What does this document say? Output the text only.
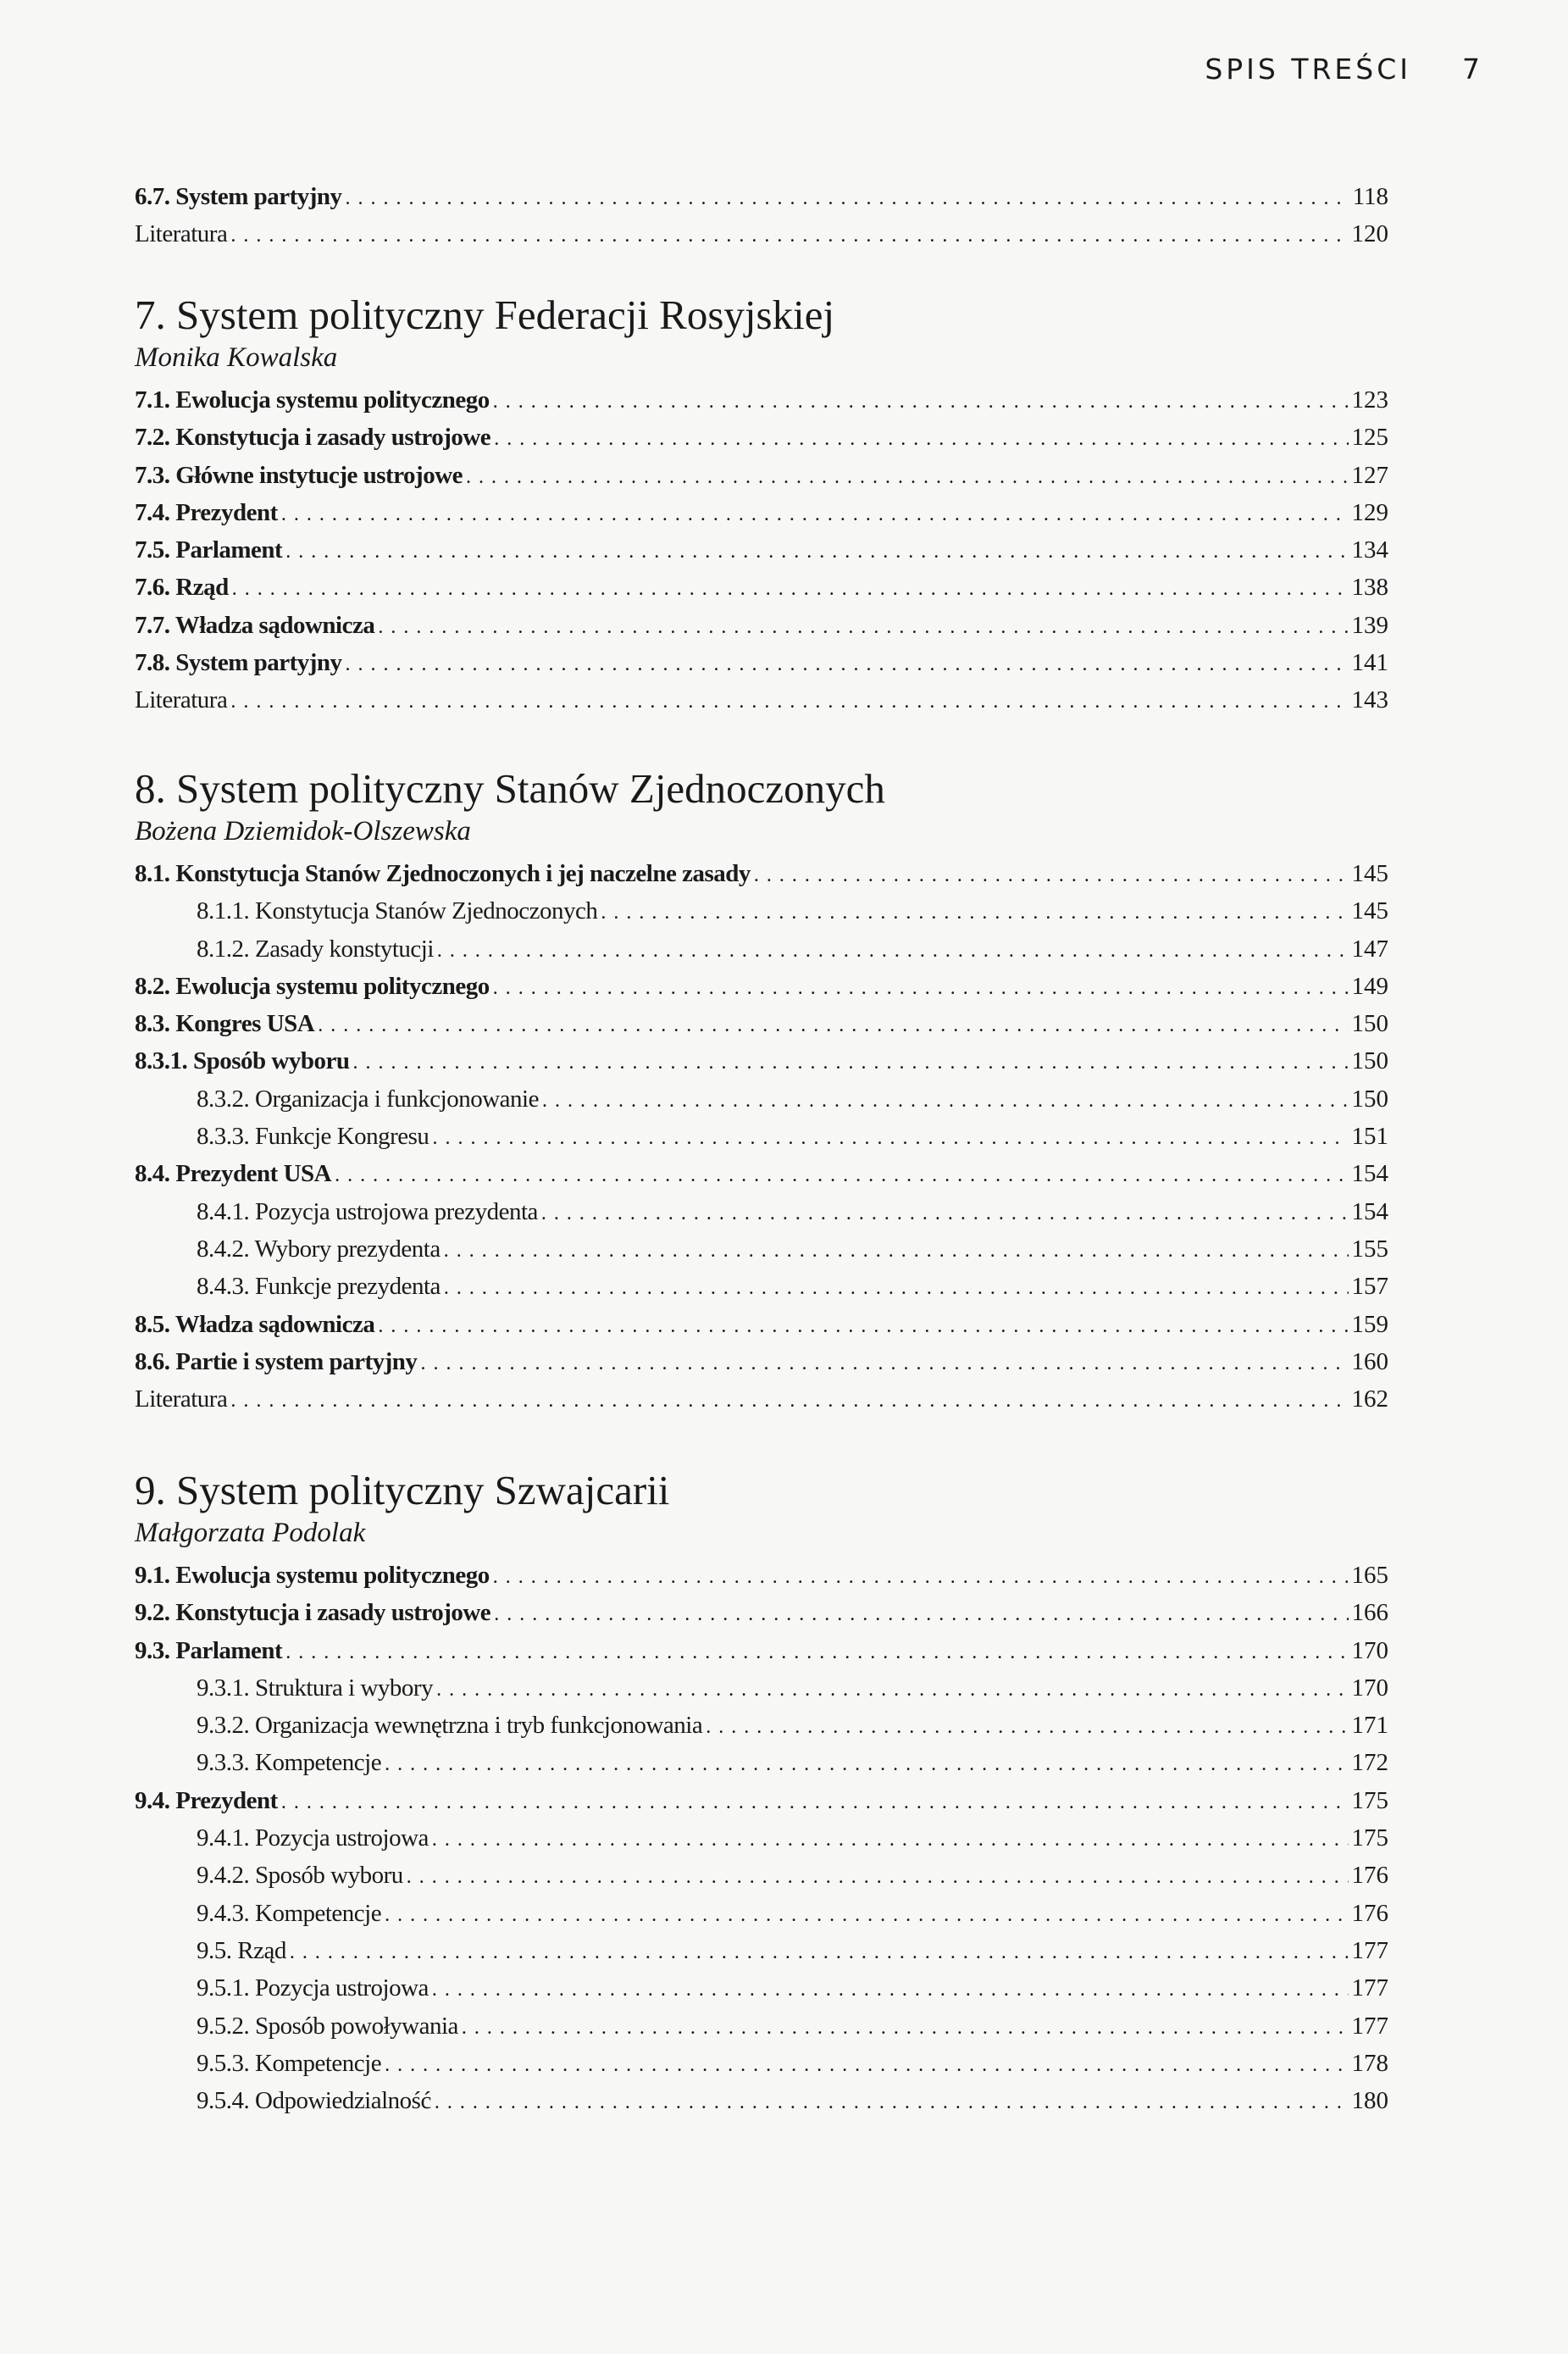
SPIS TREŚCI 7
6.7. System partyjny . . .	118
Literatura . . .	120
7. System polityczny Federacji Rosyjskiej
Monika Kowalska
7.1. Ewolucja systemu politycznego . . .	123
7.2. Konstytucja i zasady ustrojowe . . .	125
7.3. Główne instytucje ustrojowe . . .	127
7.4. Prezydent . . .	129
7.5. Parlament . . .	134
7.6. Rząd . . .	138
7.7. Władza sądownicza . . .	139
7.8. System partyjny . . .	141
Literatura . . .	143
8. System polityczny Stanów Zjednoczonych
Bożena Dziemidok-Olszewska
8.1. Konstytucja Stanów Zjednoczonych i jej naczelne zasady . . .	145
8.1.1. Konstytucja Stanów Zjednoczonych . . .	145
8.1.2. Zasady konstytucji . . .	147
8.2. Ewolucja systemu politycznego . . .	149
8.3. Kongres USA . . .	150
8.3.1. Sposób wyboru . . .	150
8.3.2. Organizacja i funkcjonowanie . . .	150
8.3.3. Funkcje Kongresu . . .	151
8.4. Prezydent USA . . .	154
8.4.1. Pozycja ustrojowa prezydenta . . .	154
8.4.2. Wybory prezydenta . . .	155
8.4.3. Funkcje prezydenta . . .	157
8.5. Władza sądownicza . . .	159
8.6. Partie i system partyjny . . .	160
Literatura . . .	162
9. System polityczny Szwajcarii
Małgorzata Podolak
9.1. Ewolucja systemu politycznego . . .	165
9.2. Konstytucja i zasady ustrojowe . . .	166
9.3. Parlament . . .	170
9.3.1. Struktura i wybory . . .	170
9.3.2. Organizacja wewnętrzna i tryb funkcjonowania . . .	171
9.3.3. Kompetencje . . .	172
9.4. Prezydent . . .	175
9.4.1. Pozycja ustrojowa . . .	175
9.4.2. Sposób wyboru . . .	176
9.4.3. Kompetencje . . .	176
9.5. Rząd . . .	177
9.5.1. Pozycja ustrojowa . . .	177
9.5.2. Sposób powoływania . . .	177
9.5.3. Kompetencje . . .	178
9.5.4. Odpowiedzialność . . .	180
